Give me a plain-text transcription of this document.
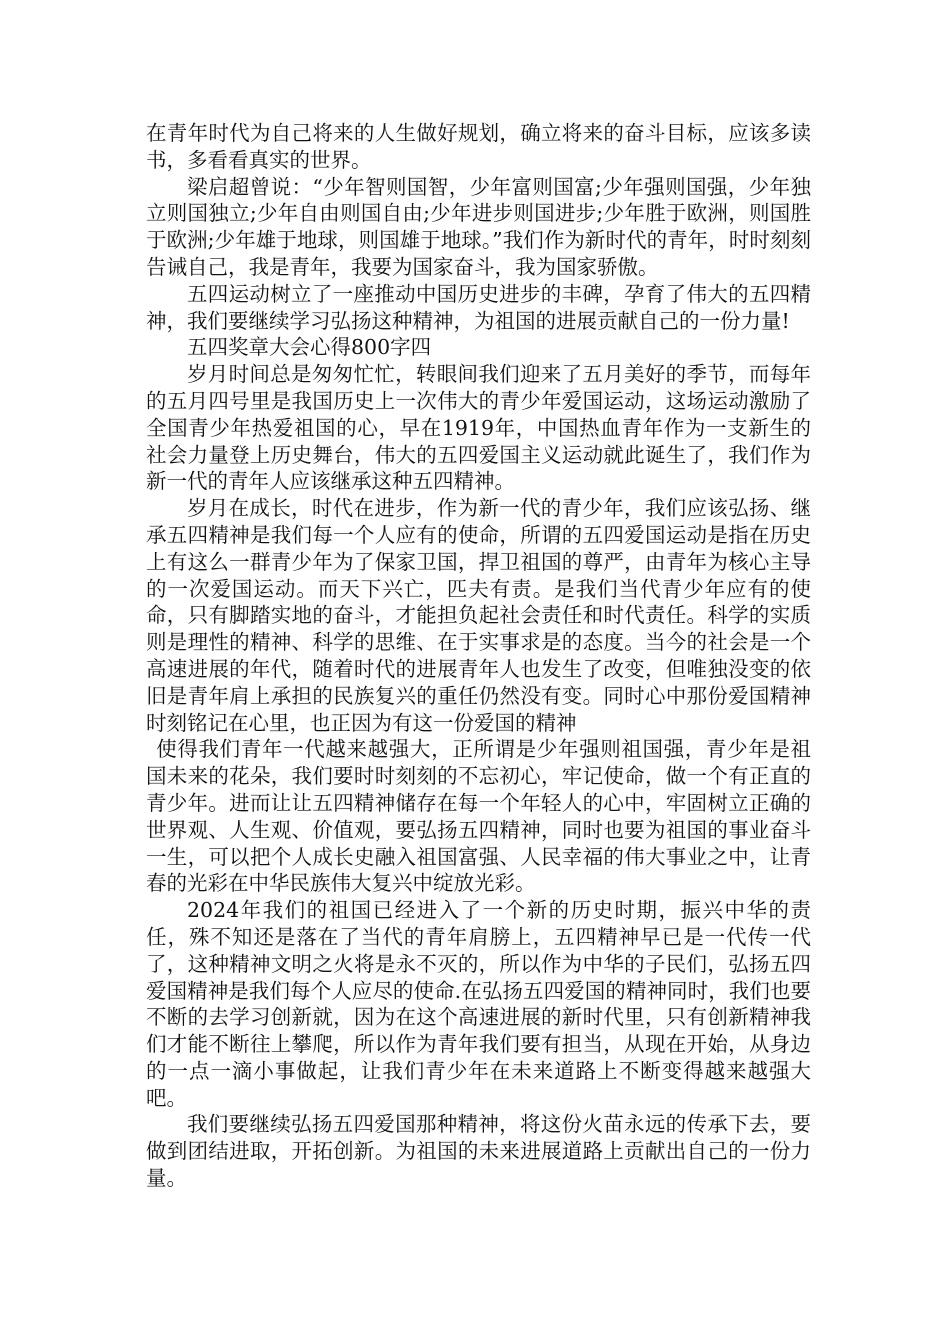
在青年时代为自己将来的人生做好规划，确立将来的奋斗目标，应该多读书，多看看真实的世界。

梁启超曾说：“少年智则国智，少年富则国富;少年强则国强，少年独立则国独立;少年自由则国自由;少年进步则国进步;少年胜于欧洲，则国胜于欧洲;少年雄于地球，则国雄于地球。”我们作为新时代的青年，时时刻刻告诫自己，我是青年，我要为国家奋斗，我为国家骄傲。

五四运动树立了一座推动中国历史进步的丰碑，孕育了伟大的五四精神，我们要继续学习弘扬这种精神，为祖国的进展贡献自己的一份力量!

五四奖章大会心得800字四

岁月时间总是匆匆忙忙，转眼间我们迎来了五月美好的季节，而每年的五月四号里是我国历史上一次伟大的青少年爱国运动，这场运动激励了全国青少年热爱祖国的心，早在1919年，中国热血青年作为一支新生的社会力量登上历史舞台，伟大的五四爱国主义运动就此诞生了，我们作为新一代的青年人应该继承这种五四精神。

岁月在成长，时代在进步，作为新一代的青少年，我们应该弘扬、继承五四精神是我们每一个人应有的使命，所谓的五四爱国运动是指在历史上有这么一群青少年为了保家卫国，捍卫祖国的尊严，由青年为核心主导的一次爱国运动。而天下兴亡，匹夫有责。是我们当代青少年应有的使命，只有脚踏实地的奋斗，才能担负起社会责任和时代责任。科学的实质则是理性的精神、科学的思维、在于实事求是的态度。当今的社会是一个高速进展的年代，随着时代的进展青年人也发生了改变，但唯独没变的依旧是青年肩上承担的民族复兴的重任仍然没有变。同时心中那份爱国精神时刻铭记在心里，也正因为有这一份爱国的精神

使得我们青年一代越来越强大，正所谓是少年强则祖国强，青少年是祖国未来的花朵，我们要时时刻刻的不忘初心，牢记使命，做一个有正直的青少年。进而让让五四精神储存在每一个年轻人的心中，牢固树立正确的世界观、人生观、价值观，要弘扬五四精神，同时也要为祖国的事业奋斗一生，可以把个人成长史融入祖国富强、人民幸福的伟大事业之中，让青春的光彩在中华民族伟大复兴中绽放光彩。

2024年我们的祖国已经进入了一个新的历史时期，振兴中华的责任，殊不知还是落在了当代的青年肩膀上，五四精神早已是一代传一代了，这种精神文明之火将是永不灭的，所以作为中华的子民们，弘扬五四爱国精神是我们每个人应尽的使命.在弘扬五四爱国的精神同时，我们也要不断的去学习创新就，因为在这个高速进展的新时代里，只有创新精神我们才能不断往上攀爬，所以作为青年我们要有担当，从现在开始，从身边的一点一滴小事做起，让我们青少年在未来道路上不断变得越来越强大吧。

我们要继续弘扬五四爱国那种精神，将这份火苗永远的传承下去，要做到团结进取，开拓创新。为祖国的未来进展道路上贡献出自己的一份力量。
